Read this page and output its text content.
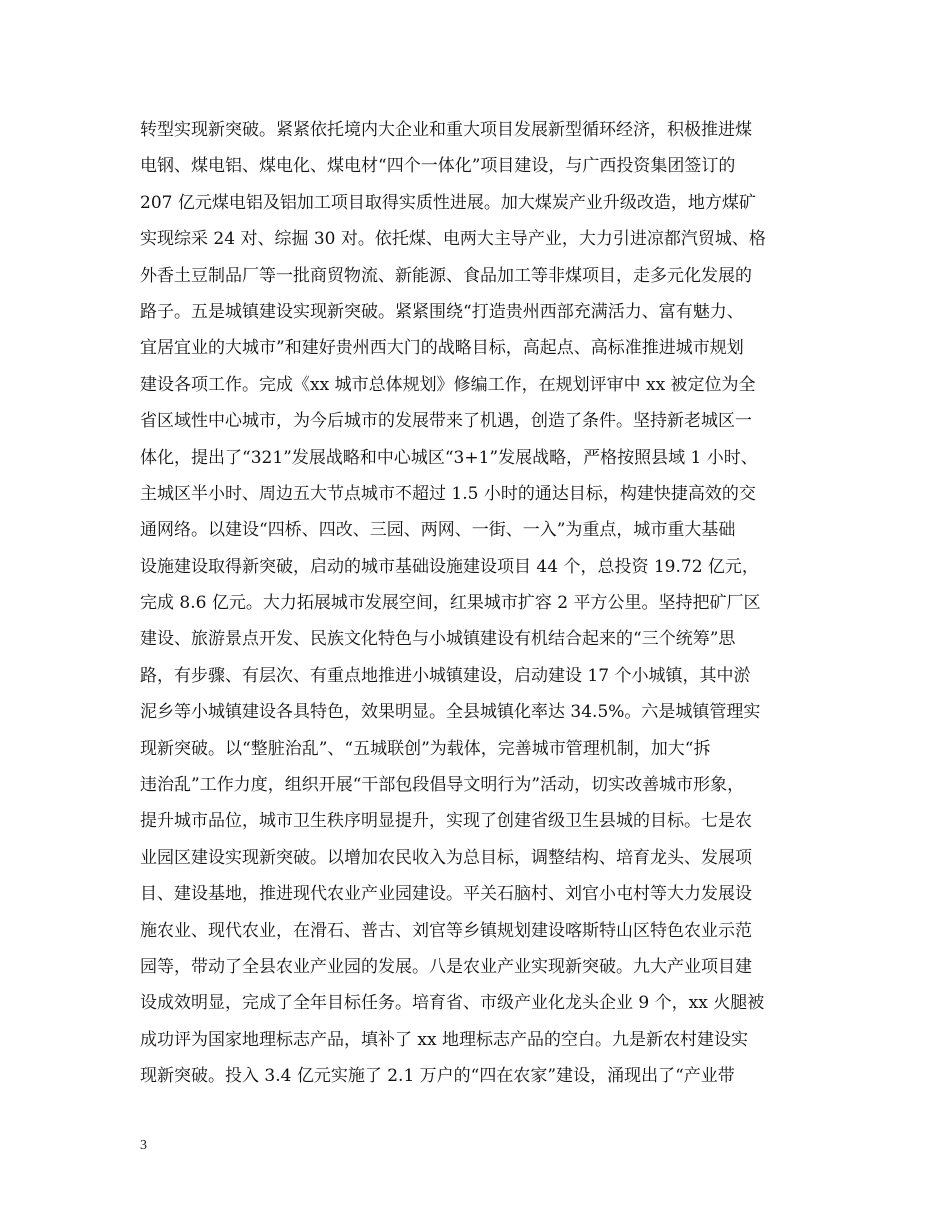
转型实现新突破。紧紧依托境内大企业和重大项目发展新型循环经济，积极推进煤
电钢、煤电铝、煤电化、煤电材“四个一体化”项目建设，与广西投资集团签订的
207 亿元煤电铝及铝加工项目取得实质性进展。加大煤炭产业升级改造，地方煤矿
实现综采 24 对、综掘 30 对。依托煤、电两大主导产业，大力引进凉都汽贸城、格
外香土豆制品厂等一批商贸物流、新能源、食品加工等非煤项目，走多元化发展的
路子。五是城镇建设实现新突破。紧紧围绕“打造贵州西部充满活力、富有魅力、
宜居宜业的大城市”和建好贵州西大门的战略目标，高起点、高标准推进城市规划
建设各项工作。完成《xx 城市总体规划》修编工作，在规划评审中 xx 被定位为全
省区域性中心城市，为今后城市的发展带来了机遇，创造了条件。坚持新老城区一
体化，提出了“321”发展战略和中心城区“3+1”发展战略，严格按照县域 1 小时、
主城区半小时、周边五大节点城市不超过 1.5 小时的通达目标，构建快捷高效的交
通网络。以建设“四桥、四改、三园、两网、一街、一入”为重点，城市重大基础
设施建设取得新突破，启动的城市基础设施建设项目 44 个，总投资 19.72 亿元，
完成 8.6 亿元。大力拓展城市发展空间，红果城市扩容 2 平方公里。坚持把矿厂区
建设、旅游景点开发、民族文化特色与小城镇建设有机结合起来的“三个统筹”思
路，有步骤、有层次、有重点地推进小城镇建设，启动建设 17 个小城镇，其中淤
泥乡等小城镇建设各具特色，效果明显。全县城镇化率达 34.5%。六是城镇管理实
现新突破。以“整脏治乱”、“五城联创”为载体，完善城市管理机制，加大“拆
违治乱”工作力度，组织开展“干部包段倡导文明行为”活动，切实改善城市形象，
提升城市品位，城市卫生秩序明显提升，实现了创建省级卫生县城的目标。七是农
业园区建设实现新突破。以增加农民收入为总目标，调整结构、培育龙头、发展项
目、建设基地，推进现代农业产业园建设。平关石脑村、刘官小屯村等大力发展设
施农业、现代农业，在滑石、普古、刘官等乡镇规划建设喀斯特山区特色农业示范
园等，带动了全县农业产业园的发展。八是农业产业实现新突破。九大产业项目建
设成效明显，完成了全年目标任务。培育省、市级产业化龙头企业 9 个，xx 火腿被
成功评为国家地理标志产品，填补了 xx 地理标志产品的空白。九是新农村建设实
现新突破。投入 3.4 亿元实施了 2.1 万户的“四在农家”建设，涌现出了“产业带
3
